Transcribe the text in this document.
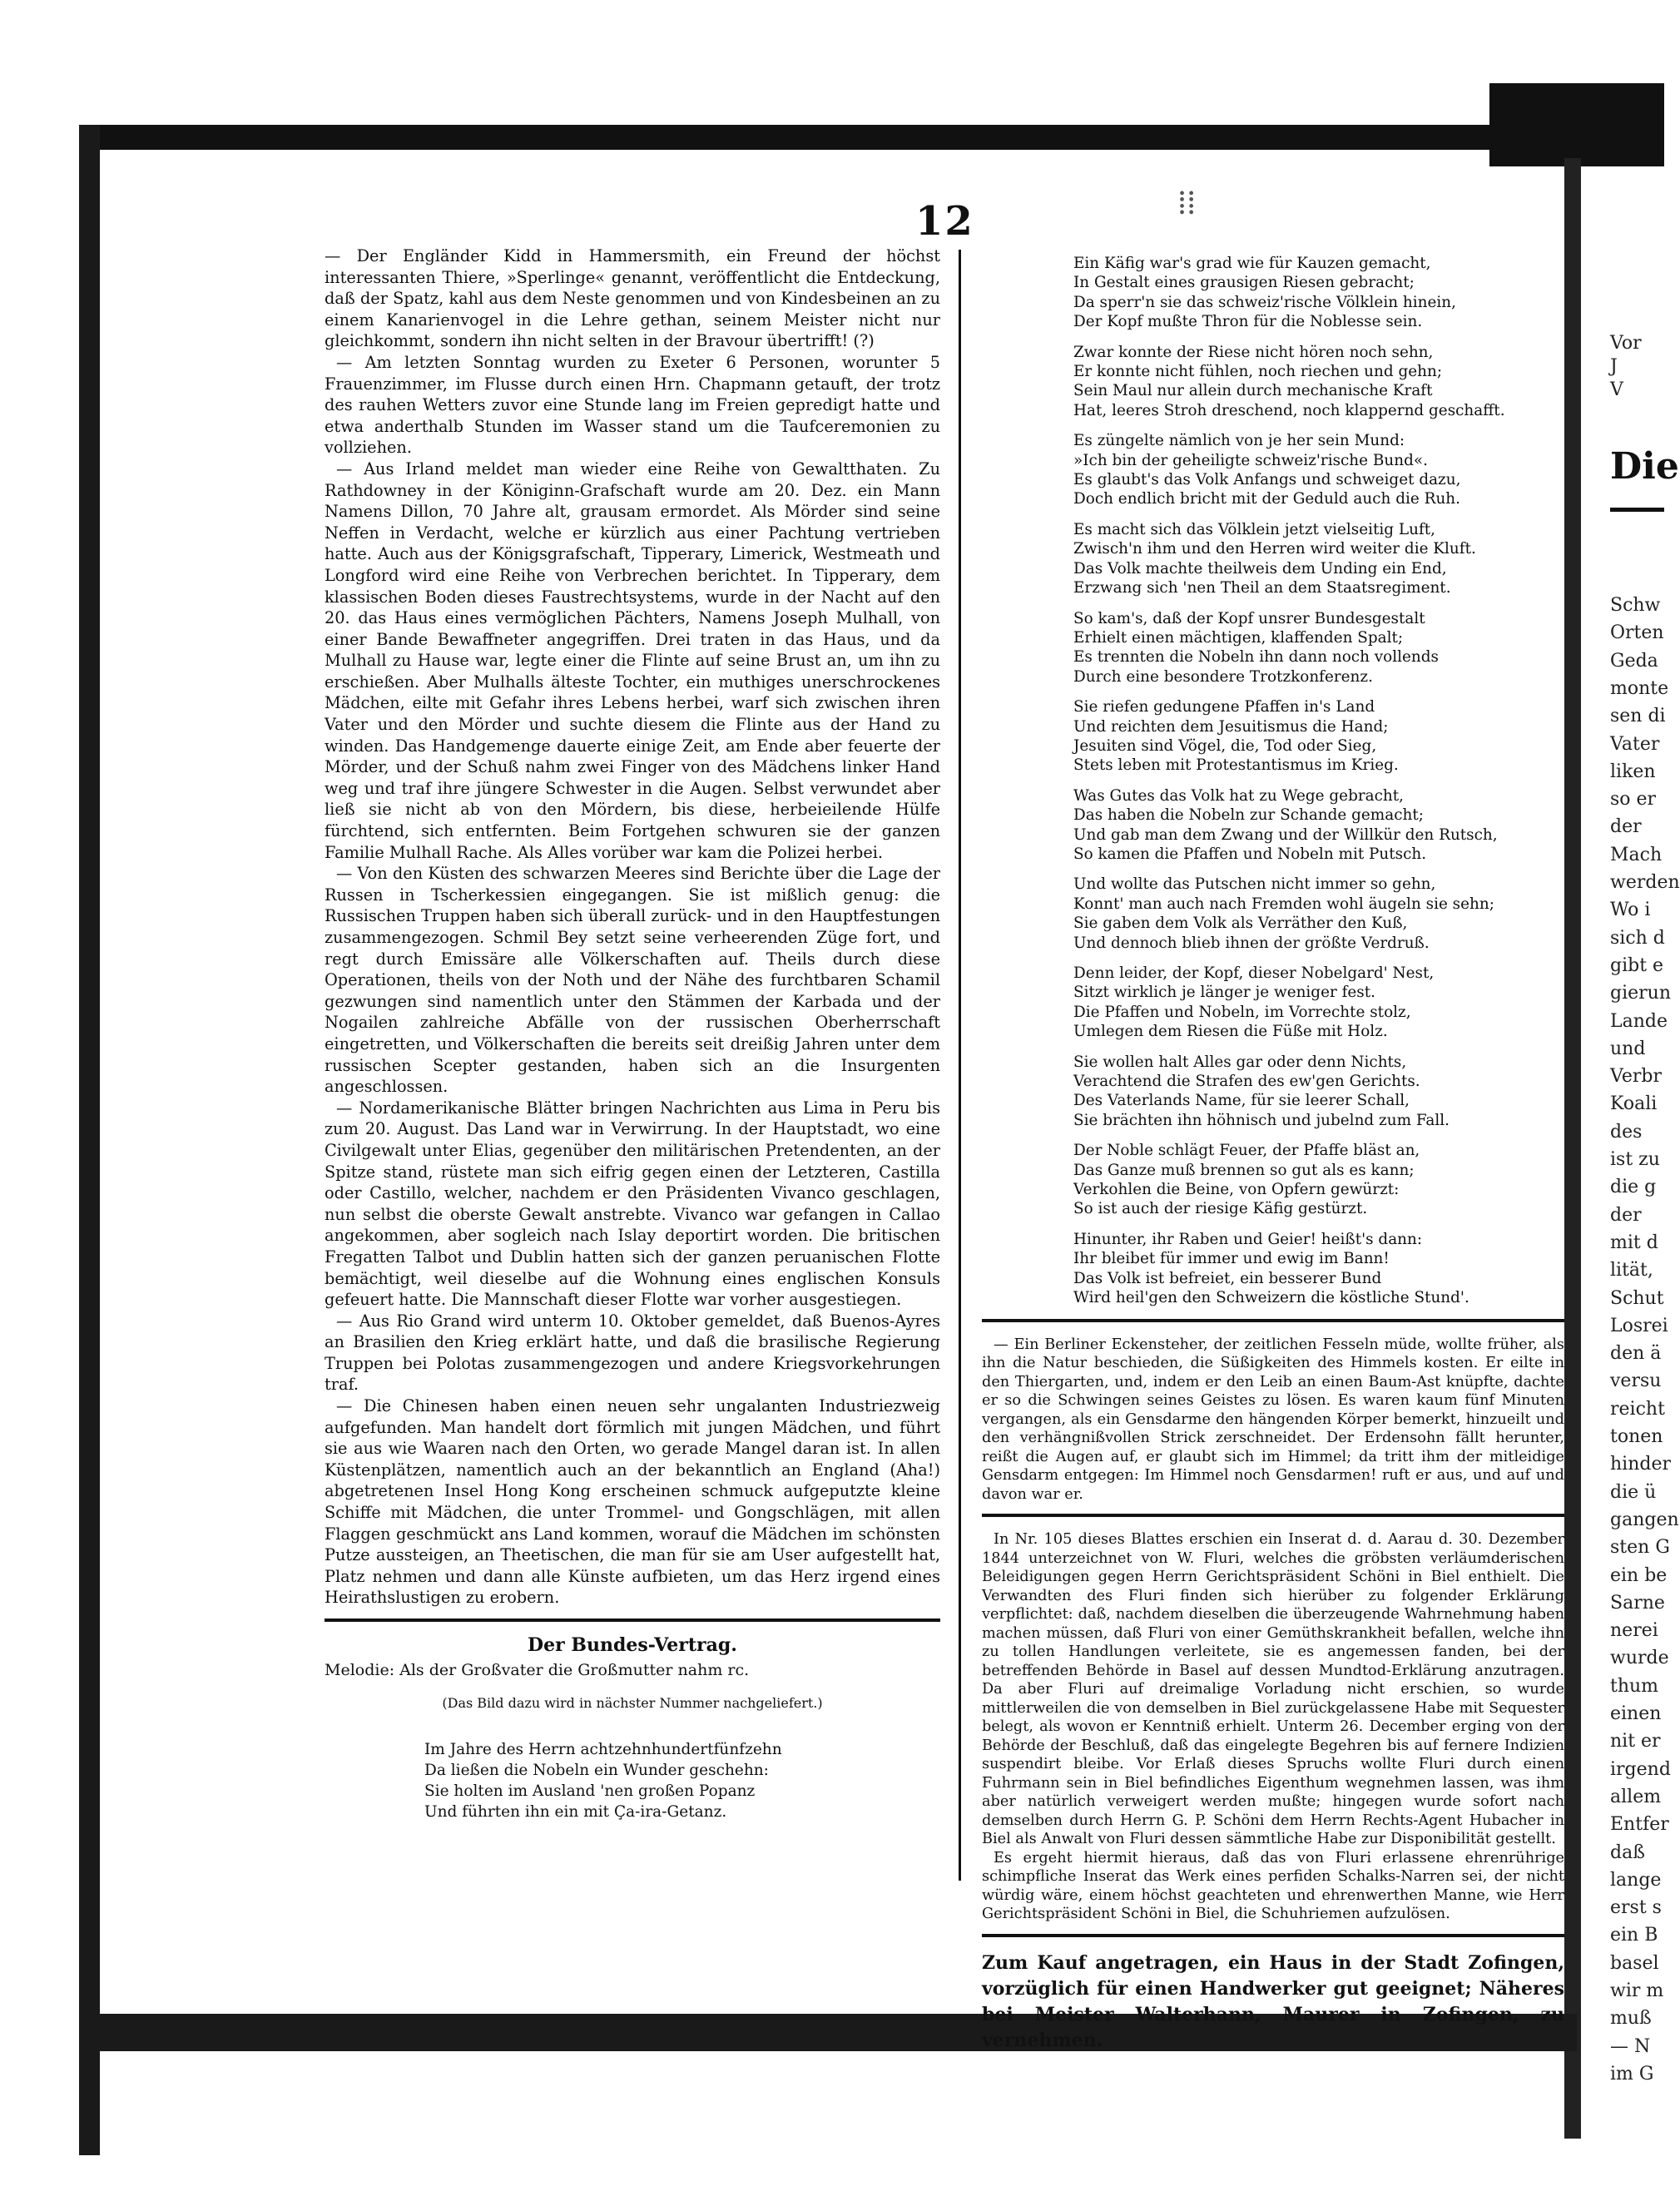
⁞⁞
12

— Der Engländer Kidd in Hammersmith, ein Freund der höchst interessanten Thiere, »Sperlinge« genannt, veröffentlicht die Entdeckung, daß der Spatz, kahl aus dem Neste genommen und von Kindesbeinen an zu einem Kanarienvogel in die Lehre gethan, seinem Meister nicht nur gleichkommt, sondern ihn nicht selten in der Bravour übertrifft! (?)

— Am letzten Sonntag wurden zu Exeter 6 Personen, worunter 5 Frauenzimmer, im Flusse durch einen Hrn. Chapmann getauft, der trotz des rauhen Wetters zuvor eine Stunde lang im Freien gepredigt hatte und etwa anderthalb Stunden im Wasser stand um die Taufceremonien zu vollziehen.

— Aus Irland meldet man wieder eine Reihe von Gewaltthaten. Zu Rathdowney in der Königinn-Grafschaft wurde am 20. Dez. ein Mann Namens Dillon, 70 Jahre alt, grausam ermordet. Als Mörder sind seine Neffen in Verdacht, welche er kürzlich aus einer Pachtung vertrieben hatte. Auch aus der Königsgrafschaft, Tipperary, Limerick, Westmeath und Longford wird eine Reihe von Verbrechen berichtet. In Tipperary, dem klassischen Boden dieses Faustrechtsystems, wurde in der Nacht auf den 20. das Haus eines vermöglichen Pächters, Namens Joseph Mulhall, von einer Bande Bewaffneter angegriffen. Drei traten in das Haus, und da Mulhall zu Hause war, legte einer die Flinte auf seine Brust an, um ihn zu erschießen. Aber Mulhalls älteste Tochter, ein muthiges unerschrockenes Mädchen, eilte mit Gefahr ihres Lebens herbei, warf sich zwischen ihren Vater und den Mörder und suchte diesem die Flinte aus der Hand zu winden. Das Handgemenge dauerte einige Zeit, am Ende aber feuerte der Mörder, und der Schuß nahm zwei Finger von des Mädchens linker Hand weg und traf ihre jüngere Schwester in die Augen. Selbst verwundet aber ließ sie nicht ab von den Mördern, bis diese, herbeieilende Hülfe fürchtend, sich entfernten. Beim Fortgehen schwuren sie der ganzen Familie Mulhall Rache. Als Alles vorüber war kam die Polizei herbei.

— Von den Küsten des schwarzen Meeres sind Berichte über die Lage der Russen in Tscherkessien eingegangen. Sie ist mißlich genug: die Russischen Truppen haben sich überall zurück- und in den Hauptfestungen zusammengezogen. Schmil Bey setzt seine verheerenden Züge fort, und regt durch Emissäre alle Völkerschaften auf. Theils durch diese Operationen, theils von der Noth und der Nähe des furchtbaren Schamil gezwungen sind namentlich unter den Stämmen der Karbada und der Nogailen zahlreiche Abfälle von der russischen Oberherrschaft eingetretten, und Völkerschaften die bereits seit dreißig Jahren unter dem russischen Scepter gestanden, haben sich an die Insurgenten angeschlossen.

— Nordamerikanische Blätter bringen Nachrichten aus Lima in Peru bis zum 20. August. Das Land war in Verwirrung. In der Hauptstadt, wo eine Civilgewalt unter Elias, gegenüber den militärischen Pretendenten, an der Spitze stand, rüstete man sich eifrig gegen einen der Letzteren, Castilla oder Castillo, welcher, nachdem er den Präsidenten Vivanco geschlagen, nun selbst die oberste Gewalt anstrebte. Vivanco war gefangen in Callao angekommen, aber sogleich nach Islay deportirt worden. Die britischen Fregatten Talbot und Dublin hatten sich der ganzen peruanischen Flotte bemächtigt, weil dieselbe auf die Wohnung eines englischen Konsuls gefeuert hatte. Die Mannschaft dieser Flotte war vorher ausgestiegen.

— Aus Rio Grand wird unterm 10. Oktober gemeldet, daß Buenos-Ayres an Brasilien den Krieg erklärt hatte, und daß die brasilische Regierung Truppen bei Polotas zusammengezogen und andere Kriegsvorkehrungen traf.

— Die Chinesen haben einen neuen sehr ungalanten Industriezweig aufgefunden. Man handelt dort förmlich mit jungen Mädchen, und führt sie aus wie Waaren nach den Orten, wo gerade Mangel daran ist. In allen Küstenplätzen, namentlich auch an der bekanntlich an England (Aha!) abgetretenen Insel Hong Kong erscheinen schmuck aufgeputzte kleine Schiffe mit Mädchen, die unter Trommel- und Gongschlägen, mit allen Flaggen geschmückt ans Land kommen, worauf die Mädchen im schönsten Putze aussteigen, an Theetischen, die man für sie am User aufgestellt hat, Platz nehmen und dann alle Künste aufbieten, um das Herz irgend eines Heirathslustigen zu erobern.

Der Bundes-Vertrag.
Melodie: Als der Großvater die Großmutter nahm rc.
(Das Bild dazu wird in nächster Nummer nachgeliefert.)
Im Jahre des Herrn achtzehnhundertfünfzehn
Da ließen die Nobeln ein Wunder geschehn:
Sie holten im Ausland 'nen großen Popanz
Und führten ihn ein mit Ça-ira-Getanz.
Ein Käfig war's grad wie für Kauzen gemacht,
In Gestalt eines grausigen Riesen gebracht;
Da sperr'n sie das schweiz'rische Völklein hinein,
Der Kopf mußte Thron für die Noblesse sein.
Zwar konnte der Riese nicht hören noch sehn,
Er konnte nicht fühlen, noch riechen und gehn;
Sein Maul nur allein durch mechanische Kraft
Hat, leeres Stroh dreschend, noch klappernd geschafft.
Es züngelte nämlich von je her sein Mund:
»Ich bin der geheiligte schweiz'rische Bund«.
Es glaubt's das Volk Anfangs und schweiget dazu,
Doch endlich bricht mit der Geduld auch die Ruh.
Es macht sich das Völklein jetzt vielseitig Luft,
Zwisch'n ihm und den Herren wird weiter die Kluft.
Das Volk machte theilweis dem Unding ein End,
Erzwang sich 'nen Theil an dem Staatsregiment.
So kam's, daß der Kopf unsrer Bundesgestalt
Erhielt einen mächtigen, klaffenden Spalt;
Es trennten die Nobeln ihn dann noch vollends
Durch eine besondere Trotzkonferenz.
Sie riefen gedungene Pfaffen in's Land
Und reichten dem Jesuitismus die Hand;
Jesuiten sind Vögel, die, Tod oder Sieg,
Stets leben mit Protestantismus im Krieg.
Was Gutes das Volk hat zu Wege gebracht,
Das haben die Nobeln zur Schande gemacht;
Und gab man dem Zwang und der Willkür den Rutsch,
So kamen die Pfaffen und Nobeln mit Putsch.
Und wollte das Putschen nicht immer so gehn,
Konnt' man auch nach Fremden wohl äugeln sie sehn;
Sie gaben dem Volk als Verräther den Kuß,
Und dennoch blieb ihnen der größte Verdruß.
Denn leider, der Kopf, dieser Nobelgard' Nest,
Sitzt wirklich je länger je weniger fest.
Die Pfaffen und Nobeln, im Vorrechte stolz,
Umlegen dem Riesen die Füße mit Holz.
Sie wollen halt Alles gar oder denn Nichts,
Verachtend die Strafen des ew'gen Gerichts.
Des Vaterlands Name, für sie leerer Schall,
Sie brächten ihn höhnisch und jubelnd zum Fall.
Der Noble schlägt Feuer, der Pfaffe bläst an,
Das Ganze muß brennen so gut als es kann;
Verkohlen die Beine, von Opfern gewürzt:
So ist auch der riesige Käfig gestürzt.
Hinunter, ihr Raben und Geier! heißt's dann:
Ihr bleibet für immer und ewig im Bann!
Das Volk ist befreiet, ein besserer Bund
Wird heil'gen den Schweizern die köstliche Stund'.

— Ein Berliner Eckensteher, der zeitlichen Fesseln müde, wollte früher, als ihn die Natur beschieden, die Süßigkeiten des Himmels kosten. Er eilte in den Thiergarten, und, indem er den Leib an einen Baum-Ast knüpfte, dachte er so die Schwingen seines Geistes zu lösen. Es waren kaum fünf Minuten vergangen, als ein Gensdarme den hängenden Körper bemerkt, hinzueilt und den verhängnißvollen Strick zerschneidet. Der Erdensohn fällt herunter, reißt die Augen auf, er glaubt sich im Himmel; da tritt ihm der mitleidige Gensdarm entgegen: Im Himmel noch Gensdarmen! ruft er aus, und auf und davon war er.

In Nr. 105 dieses Blattes erschien ein Inserat d. d. Aarau d. 30. Dezember 1844 unterzeichnet von W. Fluri, welches die gröbsten verläumderischen Beleidigungen gegen Herrn Gerichtspräsident Schöni in Biel enthielt. Die Verwandten des Fluri finden sich hierüber zu folgender Erklärung verpflichtet: daß, nachdem dieselben die überzeugende Wahrnehmung haben machen müssen, daß Fluri von einer Gemüthskrankheit befallen, welche ihn zu tollen Handlungen verleitete, sie es angemessen fanden, bei der betreffenden Behörde in Basel auf dessen Mundtod-Erklärung anzutragen. Da aber Fluri auf dreimalige Vorladung nicht erschien, so wurde mittlerweilen die von demselben in Biel zurückgelassene Habe mit Sequester belegt, als wovon er Kenntniß erhielt. Unterm 26. December erging von der Behörde der Beschluß, daß das eingelegte Begehren bis auf fernere Indizien suspendirt bleibe. Vor Erlaß dieses Spruchs wollte Fluri durch einen Fuhrmann sein in Biel befindliches Eigenthum wegnehmen lassen, was ihm aber natürlich verweigert werden mußte; hingegen wurde sofort nach demselben durch Herrn G. P. Schöni dem Herrn Rechts-Agent Hubacher in Biel als Anwalt von Fluri dessen sämmtliche Habe zur Disponibilität gestellt.

Es ergeht hiermit hieraus, daß das von Fluri erlassene ehrenrührige schimpfliche Inserat das Werk eines perfiden Schalks-Narren sei, der nicht würdig wäre, einem höchst geachteten und ehrenwerthen Manne, wie Herr Gerichtspräsident Schöni in Biel, die Schuhriemen aufzulösen.

Zum Kauf angetragen, ein Haus in der Stadt Zofingen, vorzüglich für einen Handwerker gut geeignet; Näheres bei Meister Walterhann, Maurer in Zofingen, zu vernehmen.
Vor
J
V
Die
Schw
Orten
Geda
monte
sen di
Vater
liken
so er
der
Mach
werden
Wo i
sich d
gibt e
gierun
Lande
und
Verbr
Koali
des
ist zu
die g
der
mit d
lität,
Schut
Losrei
den ä
versu
reicht
tonen
hinder
die ü
gangen
sten G
ein be
Sarne
nerei
wurde
thum
einen
nit er
irgend
allem
Entfer
daß
lange
erst s
ein B
basel
wir m
muß
— N
im G
